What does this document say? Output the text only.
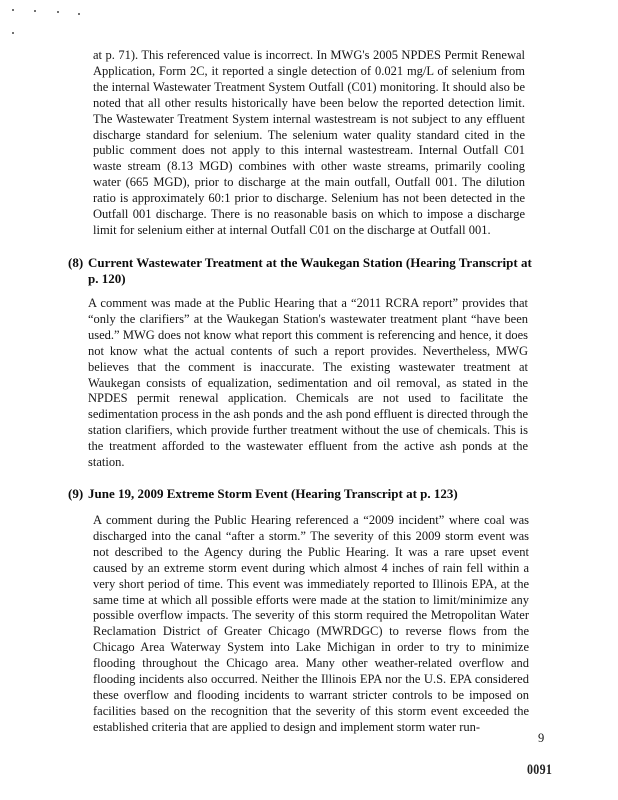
at p. 71). This referenced value is incorrect. In MWG's 2005 NPDES Permit Renewal Application, Form 2C, it reported a single detection of 0.021 mg/L of selenium from the internal Wastewater Treatment System Outfall (C01) monitoring. It should also be noted that all other results historically have been below the reported detection limit. The Wastewater Treatment System internal wastestream is not subject to any effluent discharge standard for selenium. The selenium water quality standard cited in the public comment does not apply to this internal wastestream. Internal Outfall C01 waste stream (8.13 MGD) combines with other waste streams, primarily cooling water (665 MGD), prior to discharge at the main outfall, Outfall 001. The dilution ratio is approximately 60:1 prior to discharge. Selenium has not been detected in the Outfall 001 discharge. There is no reasonable basis on which to impose a discharge limit for selenium either at internal Outfall C01 on the discharge at Outfall 001.

(8) Current Wastewater Treatment at the Waukegan Station (Hearing Transcript at p. 120)

A comment was made at the Public Hearing that a “2011 RCRA report” provides that “only the clarifiers” at the Waukegan Station's wastewater treatment plant “have been used.” MWG does not know what report this comment is referencing and hence, it does not know what the actual contents of such a report provides. Nevertheless, MWG believes that the comment is inaccurate. The existing wastewater treatment at Waukegan consists of equalization, sedimentation and oil removal, as stated in the NPDES permit renewal application. Chemicals are not used to facilitate the sedimentation process in the ash ponds and the ash pond effluent is directed through the station clarifiers, which provide further treatment without the use of chemicals. This is the treatment afforded to the wastewater effluent from the active ash ponds at the station.

(9) June 19, 2009 Extreme Storm Event (Hearing Transcript at p. 123)

A comment during the Public Hearing referenced a “2009 incident” where coal was discharged into the canal “after a storm.” The severity of this 2009 storm event was not described to the Agency during the Public Hearing. It was a rare upset event caused by an extreme storm event during which almost 4 inches of rain fell within a very short period of time. This event was immediately reported to Illinois EPA, at the same time at which all possible efforts were made at the station to limit/minimize any possible overflow impacts. The severity of this storm required the Metropolitan Water Reclamation District of Greater Chicago (MWRDGC) to reverse flows from the Chicago Area Waterway System into Lake Michigan in order to try to minimize flooding throughout the Chicago area. Many other weather-related overflow and flooding incidents also occurred. Neither the Illinois EPA nor the U.S. EPA considered these overflow and flooding incidents to warrant stricter controls to be imposed on facilities based on the recognition that the severity of this storm event exceeded the established criteria that are applied to design and implement storm water run-

9
0091
